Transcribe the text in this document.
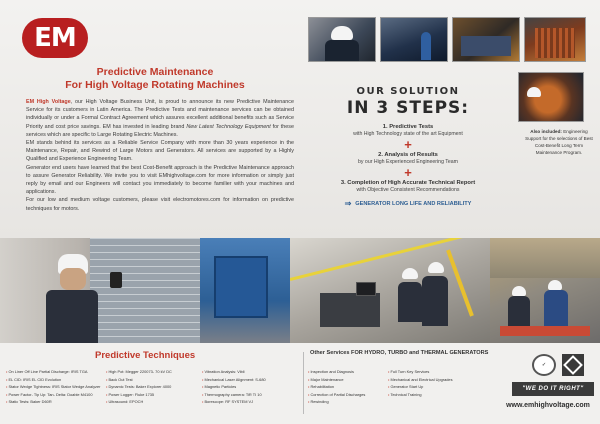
EM
Predictive Maintenance
For High Voltage Rotating Machines

EM High Voltage, our High Voltage Business Unit, is proud to announce its new Predictive Maintenance Service for its customers in Latin America. The Predictive Tests and maintenance services can be obtained individually or under a Formal Contract Agreement which assures excellent additional benefits such as Service Priority and cost price savings. EM has invested in leading brand New Latest Technology Equipment for these services which are specific to Large Rotating Electric Machines.

EM stands behind its services as a Reliable Service Company with more than 30 years experience in the Maintenance, Repair, and Rewind of Large Motors and Generators. All services are supported by a Highly Qualified and Experience Engineering Team.

Generator end users have learned that the best Cost-Benefit approach is the Predictive Maintenance approach to assure Generator Reliability. We invite you to visit EMhighvoltage.com for more information or simply just reply by email and our Engineers will contact you immediately to become familier with your machines and applications.

For our low and medium voltage customers, please visit electromotores.com for information on predictive techniques for motors.

OUR SOLUTION
IN 3 STEPS:
1. Predictive Tests
with High Technology state of the art Equipment
+
2. Analysis of Results
by our High Experienced Engineering Team
+
3. Completion of High Accurate Technical Report
with Objective Consistent Recommendations
⇒ GENERATOR LONG LIFE AND RELIABILITY
Also included: Engineering Support for the selections of Best Cost-Benefit Long Term Maintenance Program.
Predictive Techniques	Other Services FOR HYDRO, TURBO and THERMAL GENERATORS
• On Liner Off Line Partial Discharge: IRIS TGA
• EL CID: IRIS EL CID Evolution
• Stator Wedge Tightness: IRIS Stator Wedge Analyzer
• Power Factor- Tip Up: Tan- Delta: Doable M4100
• Static Tests: Baker D60R
• High Pot: Megger 220073- 70 kV DC
• Back Out Test
• Dynamic Tests: Baker Explorer 4000
• Power Logger: Fluke 1735
• Ultrasound: EPOCH
• Vibration Analysis: Vibli
• Mechanical Laser Alignment: S-680
• Magnetic Particles
• Thermography camera: TiR TI 10
• Borescope: RF SYSTEM VJ
• Inspection and Diagnosis
• Major Maintenance
• Rehabilitation
• Correction of Partial Discharges
• Rewinding
• Full Turn Key Services
• Mechanical and Electrical Upgrades
• Generator Start Up
• Technical Training
✓
"WE DO IT RIGHT"
www.emhighvoltage.com
